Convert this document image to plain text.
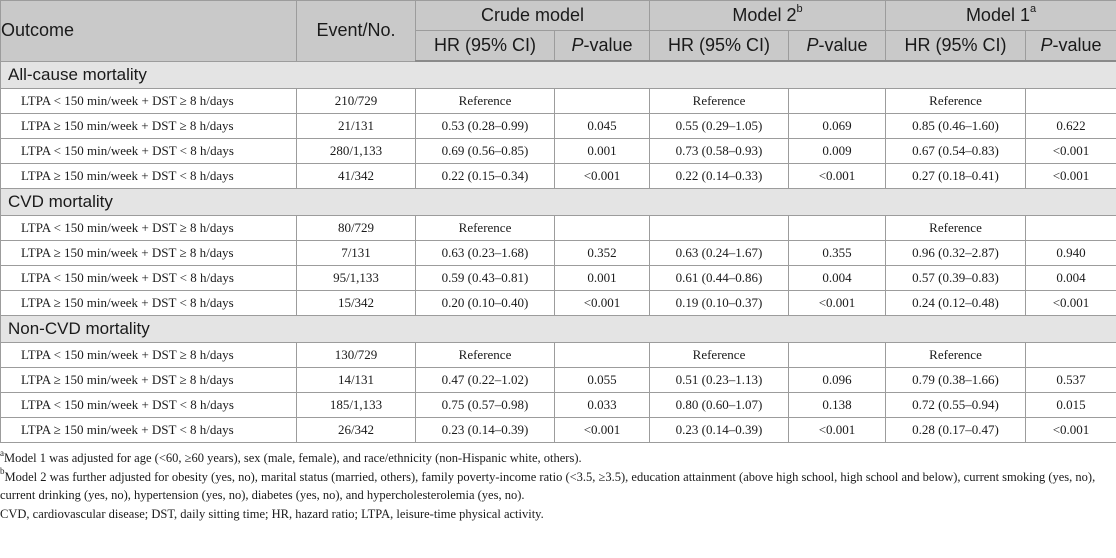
Outcome	Event/No.	Crude model		Model 2$^b$		Model 1$^a$
		HR (95% CI)	P-value	HR (95% CI)	P-value	HR (95% CI)	P-value
All-cause mortality							
LTPA < 150 min/week + DST ≥ 8 h/days	210/729	Reference		Reference		Reference	
LTPA ≥ 150 min/week + DST ≥ 8 h/days	21/131	0.53 (0.28–0.99)	0.045	0.55 (0.29–1.05)	0.069	0.85 (0.46–1.60)	0.622
LTPA < 150 min/week + DST < 8 h/days	280/1,133	0.69 (0.56–0.85)	0.001	0.73 (0.58–0.93)	0.009	0.67 (0.54–0.83)	<0.001
LTPA ≥ 150 min/week + DST < 8 h/days	41/342	0.22 (0.15–0.34)	<0.001	0.22 (0.14–0.33)	<0.001	0.27 (0.18–0.41)	<0.001
CVD mortality							
LTPA < 150 min/week + DST ≥ 8 h/days	80/729	Reference				Reference	
LTPA ≥ 150 min/week + DST ≥ 8 h/days	7/131	0.63 (0.23–1.68)	0.352	0.63 (0.24–1.67)	0.355	0.96 (0.32–2.87)	0.940
LTPA < 150 min/week + DST < 8 h/days	95/1,133	0.59 (0.43–0.81)	0.001	0.61 (0.44–0.86)	0.004	0.57 (0.39–0.83)	0.004
LTPA ≥ 150 min/week + DST < 8 h/days	15/342	0.20 (0.10–0.40)	<0.001	0.19 (0.10–0.37)	<0.001	0.24 (0.12–0.48)	<0.001
Non-CVD mortality							
LTPA < 150 min/week + DST ≥ 8 h/days	130/729	Reference		Reference		Reference	
LTPA ≥ 150 min/week + DST ≥ 8 h/days	14/131	0.47 (0.22–1.02)	0.055	0.51 (0.23–1.13)	0.096	0.79 (0.38–1.66)	0.537
LTPA < 150 min/week + DST < 8 h/days	185/1,133	0.75 (0.57–0.98)	0.033	0.80 (0.60–1.07)	0.138	0.72 (0.55–0.94)	0.015
LTPA ≥ 150 min/week + DST < 8 h/days	26/342	0.23 (0.14–0.39)	<0.001	0.23 (0.14–0.39)	<0.001	0.28 (0.17–0.47)	<0.001

$^a$Model 1 was adjusted for age (<60, ≥60 years), sex (male, female), and race/ethnicity (non-Hispanic white, others).

$^b$Model 2 was further adjusted for obesity (yes, no), marital status (married, others), family poverty-income ratio (<3.5, ≥3.5), education attainment (above high school, high school and below), current smoking (yes, no), current drinking (yes, no), hypertension (yes, no), diabetes (yes, no), and hypercholesterolemia (yes, no).

CVD, cardiovascular disease; DST, daily sitting time; HR, hazard ratio; LTPA, leisure-time physical activity.
